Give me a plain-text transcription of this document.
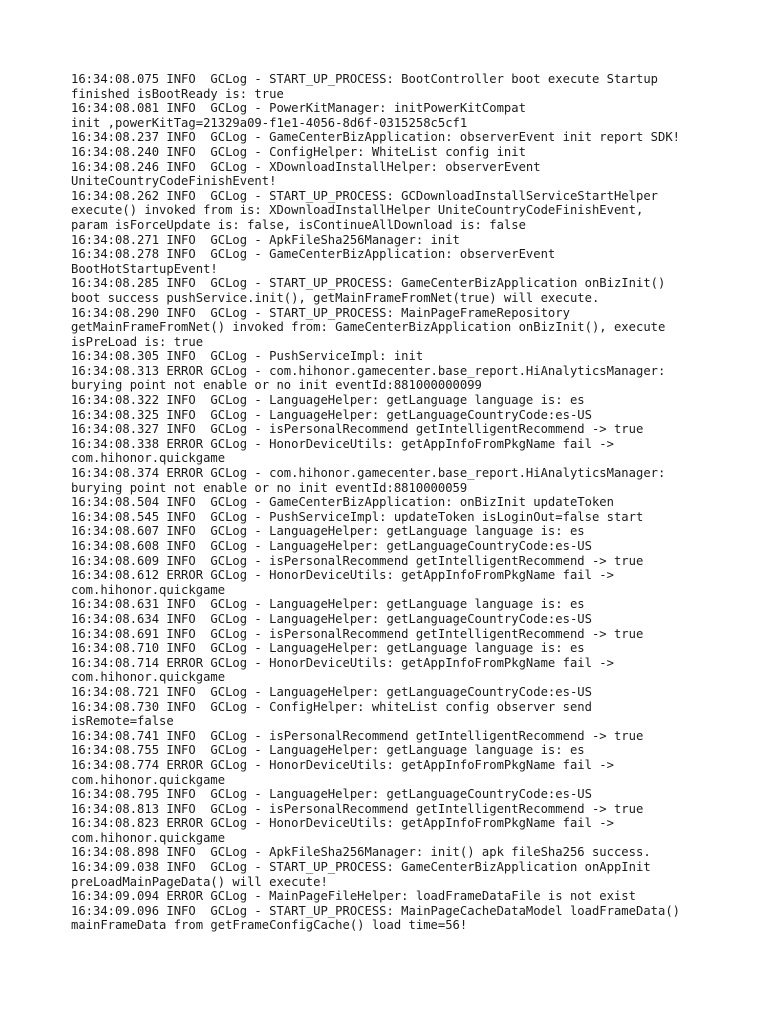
16:34:08.075 INFO  GCLog - START_UP_PROCESS: BootController boot execute Startup
finished isBootReady is: true
16:34:08.081 INFO  GCLog - PowerKitManager: initPowerKitCompat
init ,powerKitTag=21329a09-f1e1-4056-8d6f-0315258c5cf1
16:34:08.237 INFO  GCLog - GameCenterBizApplication: observerEvent init report SDK!
16:34:08.240 INFO  GCLog - ConfigHelper: WhiteList config init
16:34:08.246 INFO  GCLog - XDownloadInstallHelper: observerEvent
UniteCountryCodeFinishEvent!
16:34:08.262 INFO  GCLog - START_UP_PROCESS: GCDownloadInstallServiceStartHelper
execute() invoked from is: XDownloadInstallHelper UniteCountryCodeFinishEvent,
param isForceUpdate is: false, isContinueAllDownload is: false
16:34:08.271 INFO  GCLog - ApkFileSha256Manager: init
16:34:08.278 INFO  GCLog - GameCenterBizApplication: observerEvent
BootHotStartupEvent!
16:34:08.285 INFO  GCLog - START_UP_PROCESS: GameCenterBizApplication onBizInit()
boot success pushService.init(), getMainFrameFromNet(true) will execute.
16:34:08.290 INFO  GCLog - START_UP_PROCESS: MainPageFrameRepository
getMainFrameFromNet() invoked from: GameCenterBizApplication onBizInit(), execute
isPreLoad is: true
16:34:08.305 INFO  GCLog - PushServiceImpl: init
16:34:08.313 ERROR GCLog - com.hihonor.gamecenter.base_report.HiAnalyticsManager:
burying point not enable or no init eventId:881000000099
16:34:08.322 INFO  GCLog - LanguageHelper: getLanguage language is: es
16:34:08.325 INFO  GCLog - LanguageHelper: getLanguageCountryCode:es-US
16:34:08.327 INFO  GCLog - isPersonalRecommend getIntelligentRecommend -> true
16:34:08.338 ERROR GCLog - HonorDeviceUtils: getAppInfoFromPkgName fail ->
com.hihonor.quickgame
16:34:08.374 ERROR GCLog - com.hihonor.gamecenter.base_report.HiAnalyticsManager:
burying point not enable or no init eventId:8810000059
16:34:08.504 INFO  GCLog - GameCenterBizApplication: onBizInit updateToken
16:34:08.545 INFO  GCLog - PushServiceImpl: updateToken isLoginOut=false start
16:34:08.607 INFO  GCLog - LanguageHelper: getLanguage language is: es
16:34:08.608 INFO  GCLog - LanguageHelper: getLanguageCountryCode:es-US
16:34:08.609 INFO  GCLog - isPersonalRecommend getIntelligentRecommend -> true
16:34:08.612 ERROR GCLog - HonorDeviceUtils: getAppInfoFromPkgName fail ->
com.hihonor.quickgame
16:34:08.631 INFO  GCLog - LanguageHelper: getLanguage language is: es
16:34:08.634 INFO  GCLog - LanguageHelper: getLanguageCountryCode:es-US
16:34:08.691 INFO  GCLog - isPersonalRecommend getIntelligentRecommend -> true
16:34:08.710 INFO  GCLog - LanguageHelper: getLanguage language is: es
16:34:08.714 ERROR GCLog - HonorDeviceUtils: getAppInfoFromPkgName fail ->
com.hihonor.quickgame
16:34:08.721 INFO  GCLog - LanguageHelper: getLanguageCountryCode:es-US
16:34:08.730 INFO  GCLog - ConfigHelper: whiteList config observer send
isRemote=false
16:34:08.741 INFO  GCLog - isPersonalRecommend getIntelligentRecommend -> true
16:34:08.755 INFO  GCLog - LanguageHelper: getLanguage language is: es
16:34:08.774 ERROR GCLog - HonorDeviceUtils: getAppInfoFromPkgName fail ->
com.hihonor.quickgame
16:34:08.795 INFO  GCLog - LanguageHelper: getLanguageCountryCode:es-US
16:34:08.813 INFO  GCLog - isPersonalRecommend getIntelligentRecommend -> true
16:34:08.823 ERROR GCLog - HonorDeviceUtils: getAppInfoFromPkgName fail ->
com.hihonor.quickgame
16:34:08.898 INFO  GCLog - ApkFileSha256Manager: init() apk fileSha256 success.
16:34:09.038 INFO  GCLog - START_UP_PROCESS: GameCenterBizApplication onAppInit
preLoadMainPageData() will execute!
16:34:09.094 ERROR GCLog - MainPageFileHelper: loadFrameDataFile is not exist
16:34:09.096 INFO  GCLog - START_UP_PROCESS: MainPageCacheDataModel loadFrameData()
mainFrameData from getFrameConfigCache() load time=56!
